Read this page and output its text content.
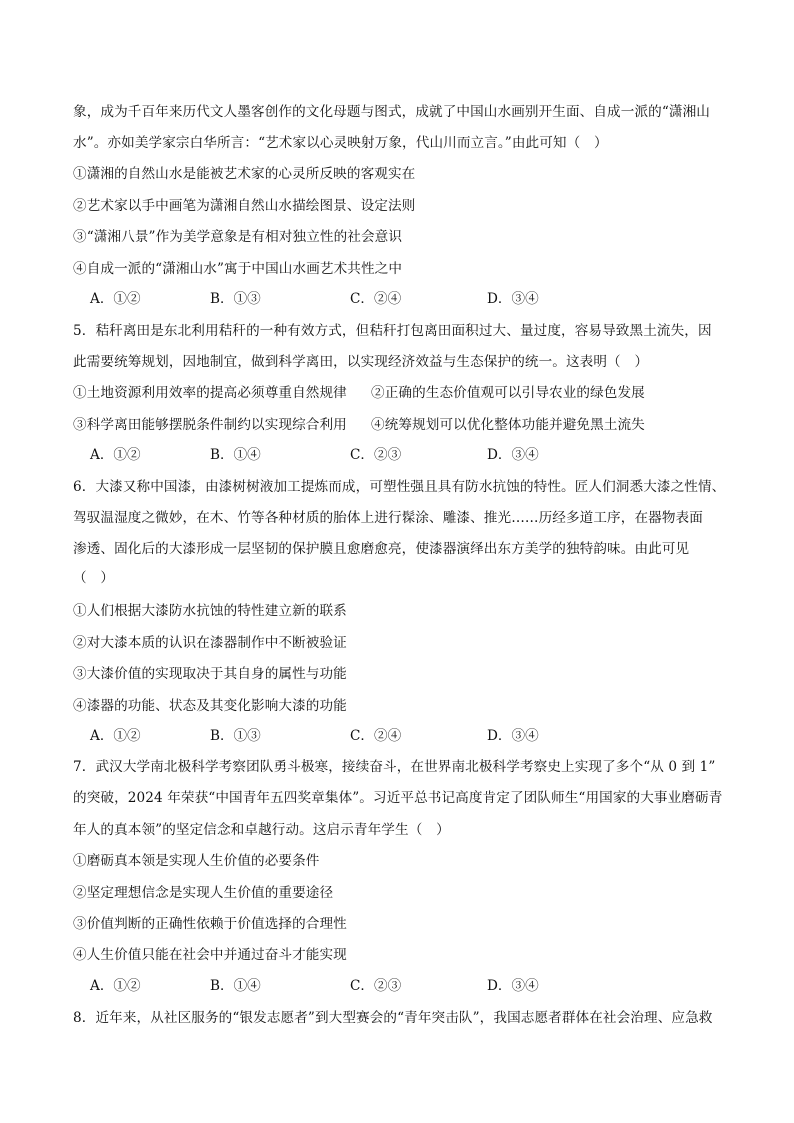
象，成为千百年来历代文人墨客创作的文化母题与图式，成就了中国山水画别开生面、自成一派的“潇湘山
水”。亦如美学家宗白华所言：“艺术家以心灵映射万象，代山川而立言。”由此可知（　）
①潇湘的自然山水是能被艺术家的心灵所反映的客观实在
②艺术家以手中画笔为潇湘自然山水描绘图景、设定法则
③“潇湘八景”作为美学意象是有相对独立性的社会意识
④自成一派的“潇湘山水”寓于中国山水画艺术共性之中
A．①②	B．①③	C．②④	D．③④
5．秸秆离田是东北利用秸秆的一种有效方式，但秸秆打包离田面积过大、量过度，容易导致黑土流失，因
此需要统筹规划，因地制宜，做到科学离田，以实现经济效益与生态保护的统一。这表明（　）
①土地资源利用效率的提高必须尊重自然规律 ②正确的生态价值观可以引导农业的绿色发展
③科学离田能够摆脱条件制约以实现综合利用 ④统筹规划可以优化整体功能并避免黑土流失
A．①②	B．①④	C．②③	D．③④
6．大漆又称中国漆，由漆树树液加工提炼而成，可塑性强且具有防水抗蚀的特性。匠人们洞悉大漆之性情、
驾驭温湿度之微妙，在木、竹等各种材质的胎体上进行髹涂、雕漆、推光……历经多道工序，在器物表面
渗透、固化后的大漆形成一层坚韧的保护膜且愈磨愈亮，使漆器演绎出东方美学的独特韵味。由此可见
（　）
①人们根据大漆防水抗蚀的特性建立新的联系
②对大漆本质的认识在漆器制作中不断被验证
③大漆价值的实现取决于其自身的属性与功能
④漆器的功能、状态及其变化影响大漆的功能
A．①②	B．①③	C．②④	D．③④
7．武汉大学南北极科学考察团队勇斗极寒，接续奋斗，在世界南北极科学考察史上实现了多个“从 0 到 1”
的突破，2024 年荣获“中国青年五四奖章集体”。习近平总书记高度肯定了团队师生“用国家的大事业磨砺青
年人的真本领”的坚定信念和卓越行动。这启示青年学生（　）
①磨砺真本领是实现人生价值的必要条件
②坚定理想信念是实现人生价值的重要途径
③价值判断的正确性依赖于价值选择的合理性
④人生价值只能在社会中并通过奋斗才能实现
A．①②	B．①④	C．②③	D．③④
8．近年来，从社区服务的“银发志愿者”到大型赛会的“青年突击队”，我国志愿者群体在社会治理、应急救
